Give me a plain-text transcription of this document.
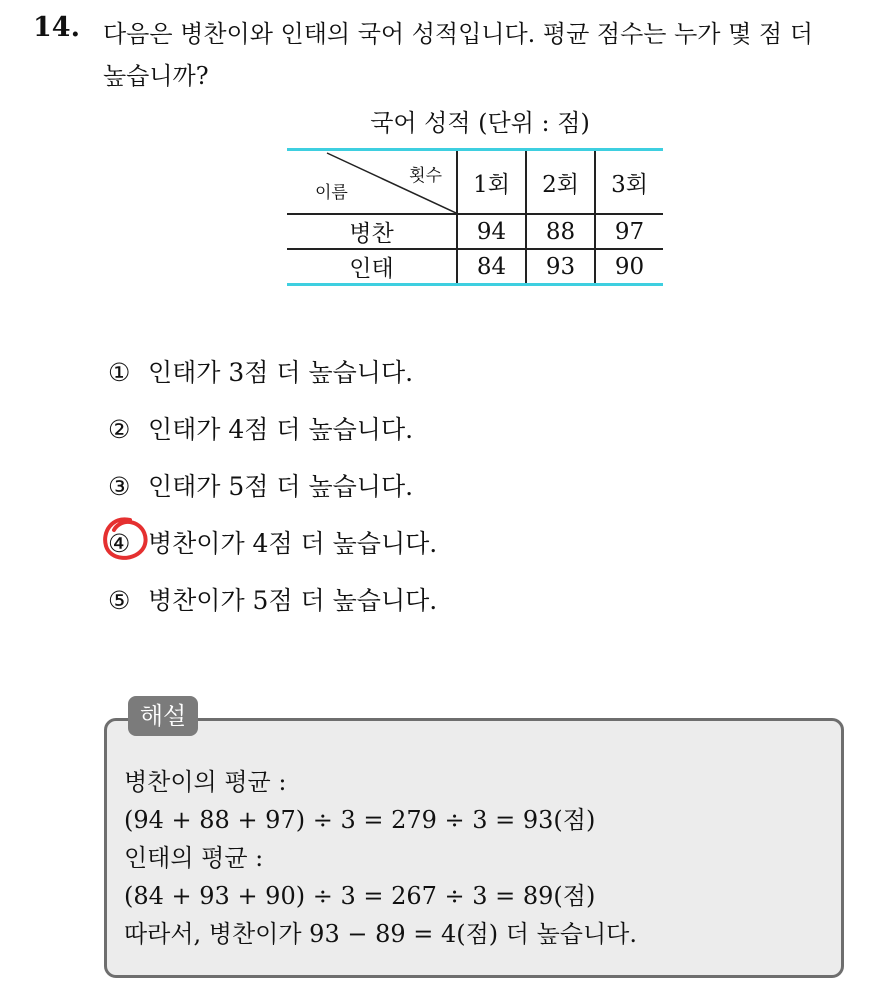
14. 다음은 병찬이와 인태의 국어 성적입니다. 평균 점수는 누가 몇 점 더
높습니까?
국어 성적 (단위 : 점)
횟수
이름	1회	2회	3회
병찬	94	88	97
인태	84	93	90
① 인태가 3점 더 높습니다.
② 인태가 4점 더 높습니다.
③ 인태가 5점 더 높습니다.
④ 병찬이가 4점 더 높습니다.
⑤ 병찬이가 5점 더 높습니다.
해설
병찬이의 평균 :
(94 + 88 + 97) ÷ 3 = 279 ÷ 3 = 93(점)
인태의 평균 :
(84 + 93 + 90) ÷ 3 = 267 ÷ 3 = 89(점)
따라서, 병찬이가 93 − 89 = 4(점) 더 높습니다.
